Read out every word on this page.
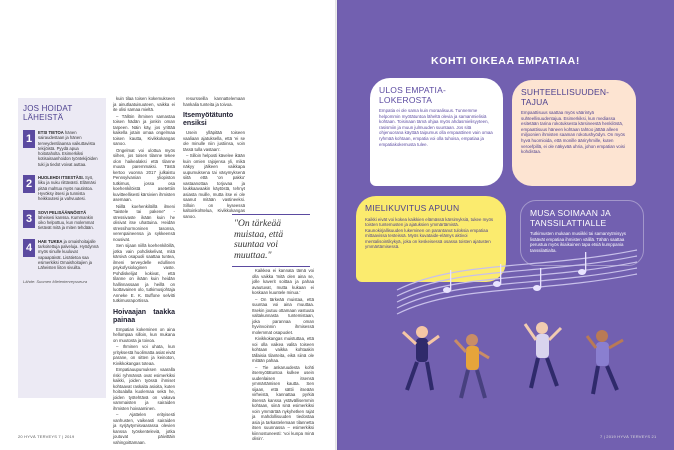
JOS HOIDAT LÄHEISTÄ
1
ETSI TIETOA hänen sairaudestaan ja hänen terveydentilaansa vaikuttavista tekijöistä. Pyydä apua hoitotaholta. Esimerkiksi kotisairaanhoidon työntekijöiden tuki ja tiedot voivat auttaa.
2
HUOLEHDI ITSESTÄSI. Syö, liiku ja nuku riittävästi. Ellämäsi pitää mahtua myös nautintoa. Hyvöksy itsesi ja tunnista heikkoutesi ja vahvuutesi.
3
SOVI PELISÄÄNNÖISTÄ läheisesi kanssa. Kummankin oiko helpottuu, kun molemmat tietävät mitä ja miten tehdään.
4
HAE TUKEA ja omaishoitajalle tarkoitettuja palveluja. Hyödynnä myös sinulle kuuluvat vapaapäivät. Lisätietoa saa esimerkiksi Omaishoitajien ja Läheisten liiton sivuilta.
Lähde: Suomen Mielenterveysseura

kuin tilaa toisen kokemukseen ja ainutlaatuisuuteen, vaikka ei ite olisi samaa mieltä.

– Tällöin ihminen samastaa toisen hädän ja jonkin oman tarpeen. Näin käy, jos yrittää kaikella jotain omaa ongelmaa toisen kautta, Kivikkokangas sanoo.

Ongelmat voi ulottua myös siihen, jos toisen tilanne tekee olon haikealaksi että tilanne muuta paremmaksi. Tästä kertoo vuonna 2017 julkaistu Pennsylvanian yliopiston tutkimus, jossa osa koehenkilöistä asetettiin kuvitteellisesti kärsivien ihmisten asemaan.

Niillä koehenkilöillä ilmeni "taistele tai pakene" -stressivaste ikään kuin he olisivat itse uhattuina. Heidän stressihormoninen tasonsa, verenpaineensa ja sykkeensä nousivat.

Sen sijaan niillä koehenkilöillä, jotka vain pohdiskelivat, mitä kärsivä osapuoli saattaa tuntea, ilmeni terveydelle edullinen psykofysiologinen vaste. Pohdiskelijat kokivat, että tilanne on ikään kuin heidän hallinnassaan ja heillä on luottavainen olo, tutkimusjohtaja Anneke E. K. Buffone selvitti tutkimusraportissa.

Hoivaajan taakka painaa

Empatian kokeminen on aina hellompaa silloin, kun mukana on muutosta ja toivoa.

– Ihminen voi uhata, kun yrityksestä huolimatta asiat eivät parane, on sitten ja keinoton, Kivikkokangas toteaa.

Empatiauupumuksen vaaralla riski ryhmänsä ovat esimerkiksi kaikki, joiden työssä ihmiset kohtaavat raskaita asioita, kuten hoitoalalla kuolemaa sekä he, joiden työtehtävä on vakava vammaisten ja sairaiden ihmisten hoivaaminen.

– Ajattelen erityisesti vanhusten, vaikeasti sairaiden ja syrjäytymisvaarassa olevien kanssa työskenteleviä, jotka joutuvat päivittäin vahingoittamaan.

resursseilla kannattelemaan hankalia tunteita ja toivoa.

Itsemyötätunto ensiksi

Usein ylläpitää toiseen vaaliaan ajatuksella, että 'ei se ole minulle niin justiinsa, voin tässä tulla vastaan'.

– Silloin helposti kävelee ikään kuin omien rajojensa yli, mikä näkyy jälkeen vaikkapa uupumuksena tai väsymyksenä siitä että 'on pakko' vastaanottaa torjuvaa ja loukkaavaakin käytöstä, tehnyt asiasta muille, mutta itse ei ole saanut mitään vastineeksi. Silloin on kyseessä kaltoinkohtelua, Kivikkokangas sanoo.

"On tärkeää muistaa, että suuntaa voi muuttaa."

Kaikkea ei kannata tämä voi olla vaikka 'mitä olen aina se, jolle kaverit soittaa ja pahaa avautuvat, mutta kukaan ei koskaan kuuntele minua.'

– On tärkeää muistaa, että suuntaa voi aina muuttaa. Itsekin joutuu ottamaan vastuuta valtakunnasta tuntemistaan, joka parannaa oman hyvinvoinnin ihmisessä molemmat osapuolet.

Kivikkokangas muistuttaa, että voi olla vaikea valita toiseen kohtaan vaikka kohtaakin tällaisia tilanteita, eikä siinä ole mitään pahaa.

– Tie ankaruudesta kohti itsemyötätuntoa kulkee usein uudenlaisen itsensä ymmärtämisen kautta. Sen sijaan, että sättii itseään virheistä, kannattaa pyrkiä itsensä kanssa ystävällisemmin kohtaan, siinä sinä esimerkiksi voin ymmärtää nykyhetken rajat ja mahdollisuuden tiedostaa asia ja tarkastelemaan tilannetta itsen suunnassa – esimerkiksi kiinnostuneesti: 'voi kunpa minä olisin'.

20 HYVÄ TERVEYS 7 | 2019
KOHTI OIKEAA EMPATIAA!
ULOS EMPATIA-LOKEROSTA
Empatia ei ole sama kuin moraalisuus. Tunnemme helpommin myötätuntoa läheltä olevia ja samanmielisiä kohtaan. Toisinaan tämä ohjaa myös ahdasmielisyyteen, rasismiin ja muun julmuuden suuntaan. Jos sitä ohjenuorana käyttää taipumus olla empaattinen vain omaa ryhmää kohtaan, empatia voi olla tuhoisa, empatiaa ja empatiakokemusta tulee.
SUHTEELLISUUDEN-TAJUA
Empaattisuus saattaa myös väärintyä suhteellisuudentajua. Esimerkiksi, kun mediassa esitetään tarina rokotuksesta kärsineestä henkilöstä, empaattisuus häneen kohtaan tahtoo jättää alleen miljoonien ihmisten saaman rokotushyödyn. On myös hyvä huomioida, että monille ääriryhmille, kuten veroefpillä, ei ole näkyvää uhria, johon empatian voisi kohdistaa.
MIELIKUVITUS APUUN
Kaikki eivät voi kokea kaikkien elämässä kärsimyksiä, tukee myös toisten tuntemusten ja ajatuksien ymmärtämistä. Kaunokirjallisuuden lukeminen on parantanut tuloksia empatiaa mittaavissa testeissä. Myös kuvataide-elämys aktivoi mentalisointikykyä, joka on keskeisessä osassa toisten ajatusten ymmärtämisessä.
MUSA SOIMAAN JA TANSSILATTIALLE
Tutkimusten mukaan musiikki tai samanrytmisyys lisäävät empatiaa ihmisten välillä. Tähän saattaa perustua myös ikiaikainen tapa etsiä kumppania tanssilattialta.
7 | 2019 HYVÄ TERVEYS 21
